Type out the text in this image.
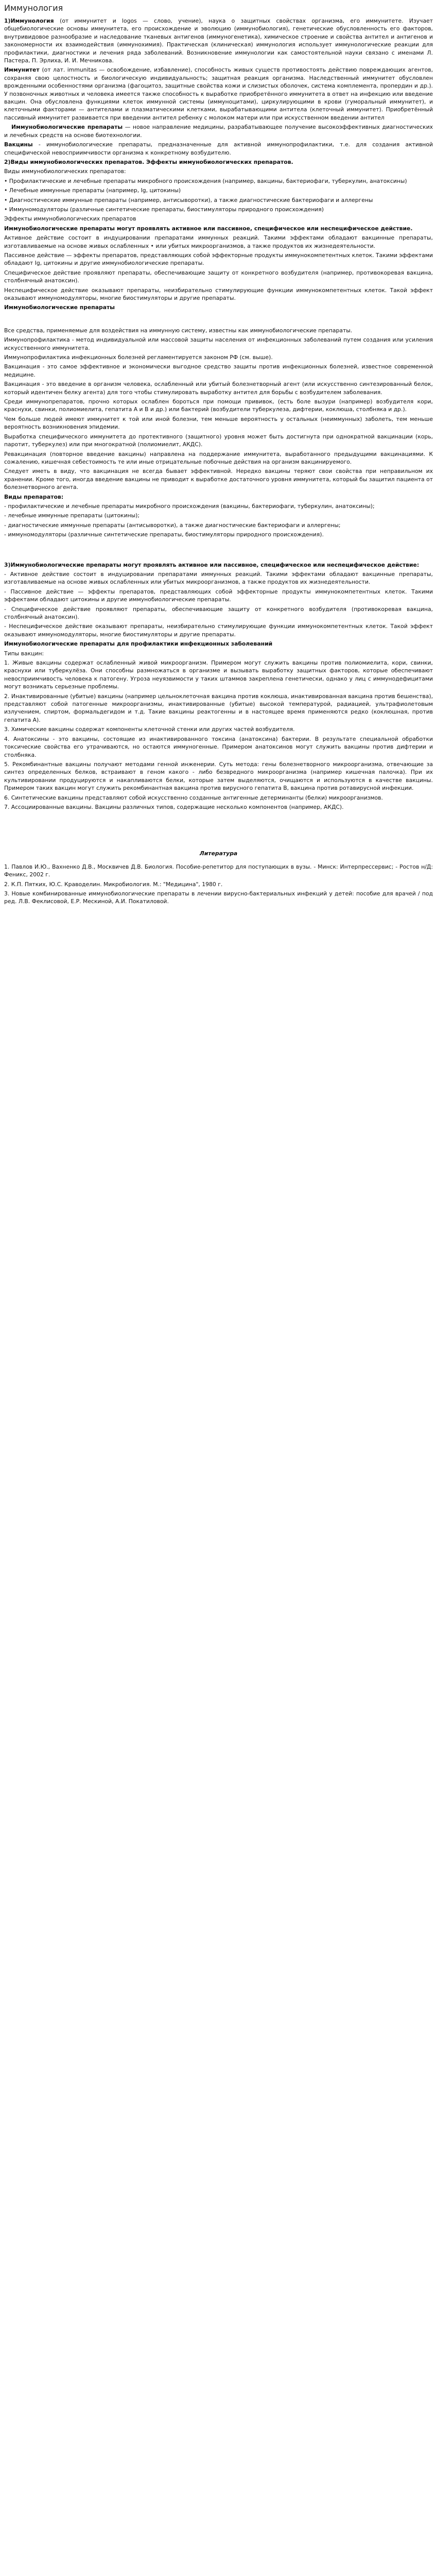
Иммунология

1)Иммунология (от иммунитет и logos — слово, учение), наука о защитных свойствах организма, его иммунитете. Изучает общебиологические основы иммунитета, его происхождение и эволюцию (иммунобиология), генетические обусловленность его факторов, внутривидовое разнообразие и наследование тканевых антигенов (иммуногенетика), химическое строение и свойства антител и антигенов и закономерности их взаимодействия (иммунохимия). Практическая (клиническая) иммунология использует иммунологические реакции для профилактики, диагностики и лечения ряда заболеваний. Возникновение иммунологии как самостоятельной науки связано с именами Л. Пастера, П. Эрлиха, И. И. Мечникова.

Иммунитет (от лат. immunitas — освобождение, избавление), способность живых существ противостоять действию повреждающих агентов, сохраняя свою целостность и биологическую индивидуальность; защитная реакция организма. Наследственный иммунитет обусловлен врожденными особенностями организма (фагоцитоз, защитные свойства кожи и слизистых оболочек, система комплемента, пропердин и др.). У позвоночных животных и человека имеется также способность к выработке приобретённого иммунитета в ответ на инфекцию или введение вакцин. Она обусловлена функциями клеток иммунной системы (иммуноцитами), циркулирующими в крови (гуморальный иммунитет), и клеточными факторами — антителами и плазматическими клетками, вырабатывающими антитела (клеточный иммунитет). Приобретённый пассивный иммунитет развивается при введении антител ребенку с молоком матери или при искусственном введении антител

Иммунобиологические препараты — новое направление медицины, разрабатывающее получение высокоэффективных диагностических и лечебных средств на основе биотехнологии.

Вакцины - иммунобиологические препараты, предназначенные для активной иммунопрофилактики, т.е. для создания активной специфической невосприимчивости организма к конкретному возбудителю.

2)Виды иммунобиологических препаратов. Эффекты иммунобиологических препаратов.

Виды иммунобиологических препаратов:

• Профилактические и лечебные препараты микробного происхождения (например, вакцины, бактериофаги, туберкулин, анатоксины)

• Лечебные иммунные препараты (например, Ig, цитокины)

• Диагностические иммунные препараты (например, антисыворотки), а также диагностические бактериофаги и аллергены

• Иммуномодуляторы (различные синтетические препараты, биостимуляторы природного происхождения)

Эффекты иммунобиологических препаратов

Иммунобиологические препараты могут проявлять активное или пассивное, специфическое или неспецифическое действие.

Активное действие состоит в индуцировании препаратами иммунных реакций. Такими эффектами обладают вакцинные препараты, изготавливаемые на основе живых ослабленных • или убитых микроорганизмов, а также продуктов их жизнедеятельности.

Пассивное действие — эффекты препаратов, представляющих собой эффекторные продукты иммунокомпетентных клеток. Такими эффектами обладают Ig, цитокины и другие иммунобиологические препараты.

Специфическое действие проявляют препараты, обеспечивающие защиту от конкретного возбудителя (например, противокоревая вакцина, столбнячный анатоксин).

Неспецифическое действие оказывают препараты, неизбирательно стимулирующие функции иммунокомпетентных клеток. Такой эффект оказывают иммуномодуляторы, многие биостимуляторы и другие препараты.

Иммунобиологические препараты

Все средства, применяемые для воздействия на иммунную систему, известны как иммунобиологические препараты.

Иммунопрофилактика - метод индивидуальной или массовой защиты населения от инфекционных заболеваний путем создания или усиления искусственного иммунитета.

Иммунопрофилактика инфекционных болезней регламентируется законом РФ (см. выше).

Вакцинация - это самое эффективное и экономически выгодное средство защиты против инфекционных болезней, известное современной медицине.

Вакцинация - это введение в организм человека, ослабленный или убитый болезнетворный агент (или искусственно синтезированный белок, который идентичен белку агента) для того чтобы стимулировать выработку антител для борьбы с возбудителем заболевания.

Среди иммунопрепаратов, прочно которых ослаблен бороться при помощи прививок, (есть боле вызури (например) возбудителя кори, краснухи, свинки, полиомиелита, гепатита А и В и др.) или бактерий (возбудители туберкулеза, дифтерии, коклюша, столбняка и др.).

Чем больше людей имеют иммунитет к той или иной болезни, тем меньше вероятность у остальных (неиммунных) заболеть, тем меньше вероятность возникновения эпидемии.

Выработка специфического иммунитета до протективного (защитного) уровня может быть достигнута при однократной вакцинации (корь, паротит, туберкулез) или при многократной (полиомиелит, АКДС).

Ревакцинация (повторное введение вакцины) направлена на поддержание иммунитета, выработанного предыдущими вакцинациями. К сожалению, кишечная себестоимость те или иные отрицательные побочные действия на организм вакцинируемого.

Следует иметь в виду, что вакцинация не всегда бывает эффективной. Нередко вакцины теряют свои свойства при неправильном их хранении. Кроме того, иногда введение вакцины не приводит к выработке достаточного уровня иммунитета, который бы защитил пациента от болезнетворного агента.

Виды препаратов:

- профилактические и лечебные препараты микробного происхождения (вакцины, бактериофаги, туберкулин, анатоксины);

- лечебные иммунные препараты (цитокины);

- диагностические иммунные препараты (антисыворотки), а также диагностические бактериофаги и аллергены;

- иммуномодуляторы (различные синтетические препараты, биостимуляторы природного происхождения).

3)Иммунобиологические препараты могут проявлять активное или пассивное, специфическое или неспецифическое действие:

- Активное действие состоит в индуцировании препаратами иммунных реакций. Такими эффектами обладают вакцинные препараты, изготавливаемые на основе живых ослабленных или убитых микроорганизмов, а также продуктов их жизнедеятельности.

- Пассивное действие — эффекты препаратов, представляющих собой эффекторные продукты иммунокомпетентных клеток. Такими эффектами обладают цитокины и другие иммунобиологические препараты.

- Специфическое действие проявляют препараты, обеспечивающие защиту от конкретного возбудителя (противокоревая вакцина, столбнячный анатоксин).

- Неспецифическое действие оказывают препараты, неизбирательно стимулирующие функции иммунокомпетентных клеток. Такой эффект оказывают иммуномодуляторы, многие биостимуляторы и другие препараты.

Иммунобиологические препараты для профилактики инфекционных заболеваний

Типы вакцин:

1. Живые вакцины содержат ослабленный живой микроорганизм. Примером могут служить вакцины против полиомиелита, кори, свинки, краснухи или туберкулёза. Они способны размножаться в организме и вызывать выработку защитных факторов, которые обеспечивают невосприимчивость человека к патогену. Угроза неуязвимости у таких штаммов закреплена генетически, однако у лиц с иммунодефицитами могут возникать серьезные проблемы.

2. Инактивированные (убитые) вакцины (например цельноклеточная вакцина против коклюша, инактивированная вакцина против бешенства), представляют собой патогенные микроорганизмы, инактивированные (убитые) высокой температурой, радиацией, ультрафиолетовым излучением, спиртом, формальдегидом и т.д. Такие вакцины реактогенны и в настоящее время применяются редко (коклюшная, против гепатита А).

3. Химические вакцины содержат компоненты клеточной стенки или других частей возбудителя.

4. Анатоксины - это вакцины, состоящие из инактивированного токсина (анатоксина) бактерии. В результате специальной обработки токсические свойства его утрачиваются, но остаются иммуногенные. Примером анатоксинов могут служить вакцины против дифтерии и столбняка.

5. Рекомбинантные вакцины получают методами генной инженерии. Суть метода: гены болезнетворного микроорганизма, отвечающие за синтез определенных белков, встраивают в геном какого - либо безвредного микроорганизма (например кишечная палочка). При их культивировании продуцируются и накапливаются белки, которые затем выделяются, очищаются и используются в качестве вакцины. Примером таких вакцин могут служить рекомбинантная вакцина против вирусного гепатита В, вакцина против ротавирусной инфекции.

6. Синтетические вакцины представляют собой искусственно созданные антигенные детерминанты (белки) микроорганизмов.

7. Ассоциированные вакцины. Вакцины различных типов, содержащие несколько компонентов (например, АКДС).

Литература

1. Павлов И.Ю., Вахненко Д.В., Москвичев Д.В. Биология. Пособие-репетитор для поступающих в вузы. - Минск: Интерпрессервис; - Ростов н/Д: Феникс, 2002 г.

2. К.П. Пятких, Ю.С. Краводелин. Микробиология. М.: "Медицина", 1980 г.

3. Новые комбинированные иммунобиологические препараты в лечении вирусно-бактериальных инфекций у детей: пособие для врачей / под ред. Л.В. Феклисовой, Е.Р. Мескиной, А.И. Покатиловой.
